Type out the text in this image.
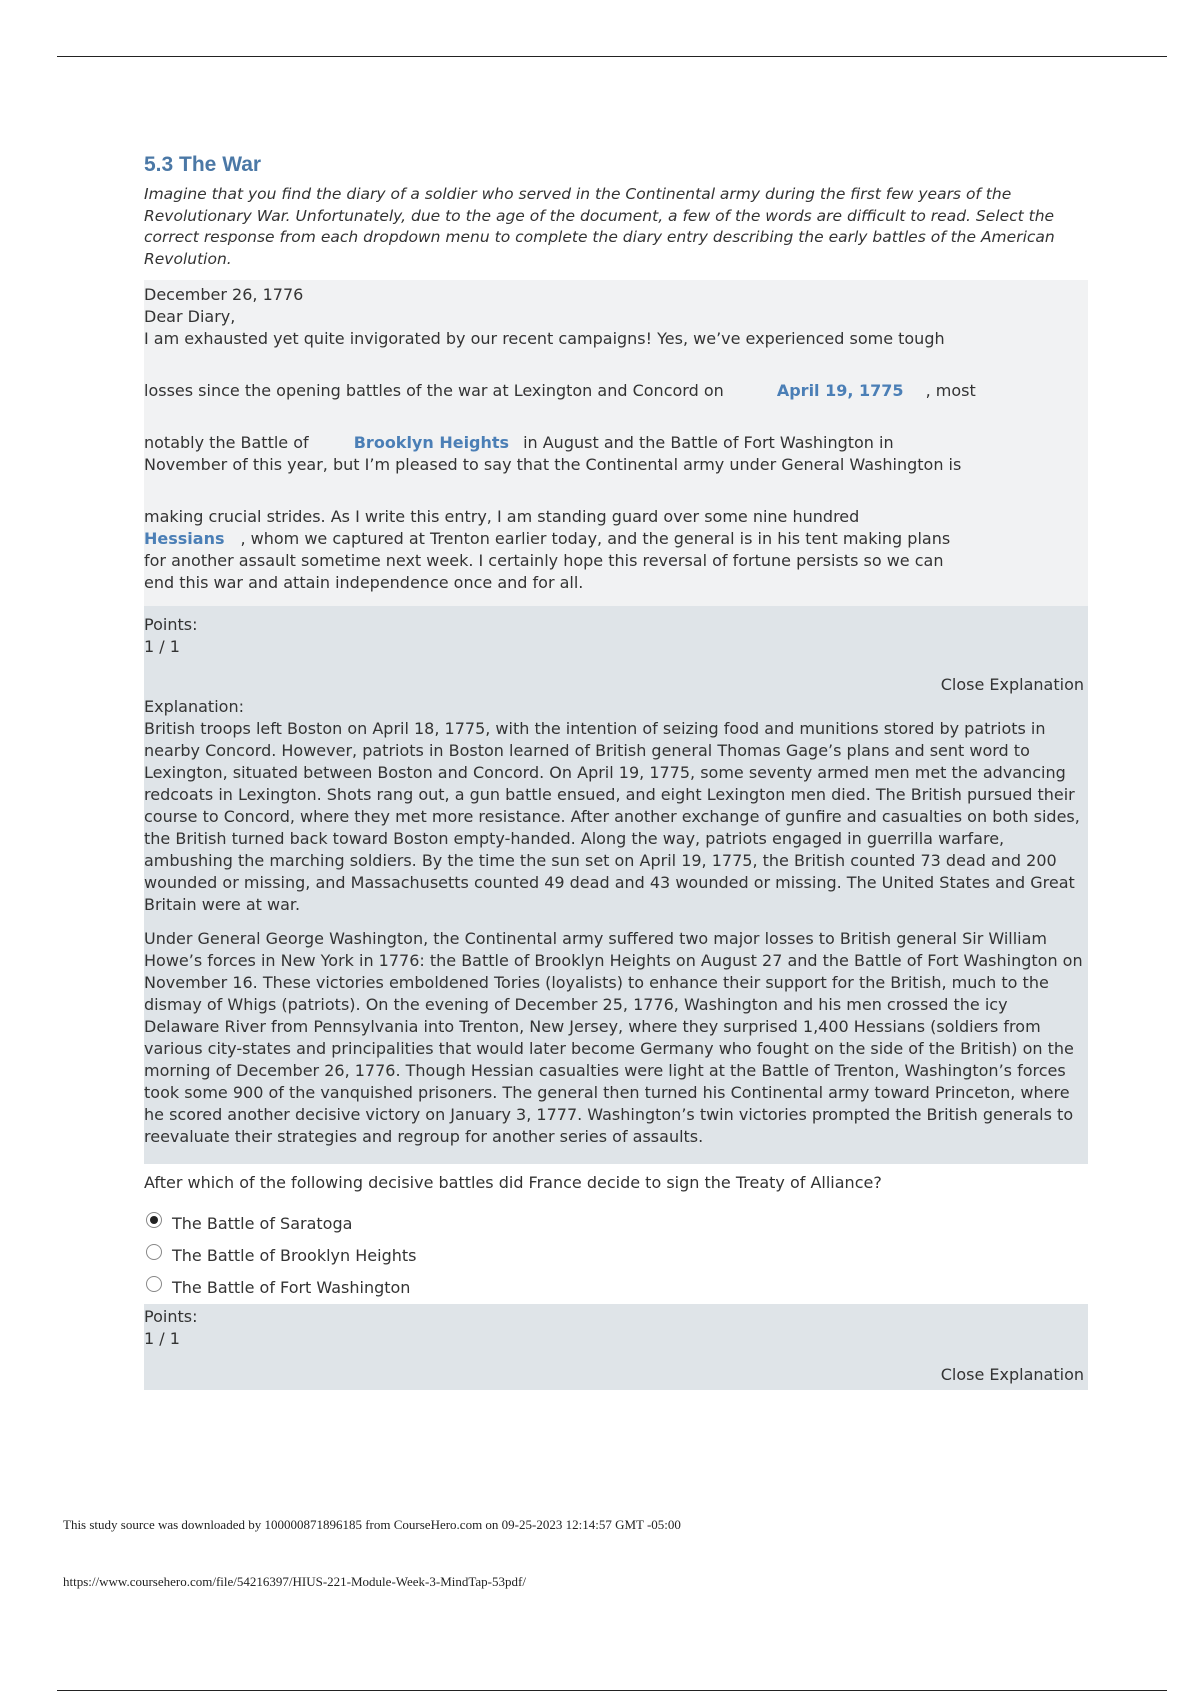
5.3 The War

Imagine that you find the diary of a soldier who served in the Continental army during the first few years of the Revolutionary War. Unfortunately, due to the age of the document, a few of the words are difficult to read. Select the correct response from each dropdown menu to complete the diary entry describing the early battles of the American Revolution.

December 26, 1776

Dear Diary,

I am exhausted yet quite invigorated by our recent campaigns! Yes, we’ve experienced some tough

losses since the opening battles of the war at Lexington and Concord on	April 19, 1775 , most

notably the Battle of	Brooklyn Heights in August and the Battle of Fort Washington in

November of this year, but I’m pleased to say that the Continental army under General Washington is

making crucial strides. As I write this entry, I am standing guard over some nine hundred

Hessians , whom we captured at Trenton earlier today, and the general is in his tent making plans

for another assault sometime next week. I certainly hope this reversal of fortune persists so we can

end this war and attain independence once and for all.

Points:
1 / 1
Close Explanation
Explanation:

British troops left Boston on April 18, 1775, with the intention of seizing food and munitions stored by patriots in nearby Concord. However, patriots in Boston learned of British general Thomas Gage’s plans and sent word to Lexington, situated between Boston and Concord. On April 19, 1775, some seventy armed men met the advancing redcoats in Lexington. Shots rang out, a gun battle ensued, and eight Lexington men died. The British pursued their course to Concord, where they met more resistance. After another exchange of gunfire and casualties on both sides, the British turned back toward Boston empty-handed. Along the way, patriots engaged in guerrilla warfare, ambushing the marching soldiers. By the time the sun set on April 19, 1775, the British counted 73 dead and 200 wounded or missing, and Massachusetts counted 49 dead and 43 wounded or missing. The United States and Great Britain were at war.

Under General George Washington, the Continental army suffered two major losses to British general Sir William Howe’s forces in New York in 1776: the Battle of Brooklyn Heights on August 27 and the Battle of Fort Washington on November 16. These victories emboldened Tories (loyalists) to enhance their support for the British, much to the dismay of Whigs (patriots). On the evening of December 25, 1776, Washington and his men crossed the icy Delaware River from Pennsylvania into Trenton, New Jersey, where they surprised 1,400 Hessians (soldiers from various city-states and principalities that would later become Germany who fought on the side of the British) on the morning of December 26, 1776. Though Hessian casualties were light at the Battle of Trenton, Washington’s forces took some 900 of the vanquished prisoners. The general then turned his Continental army toward Princeton, where he scored another decisive victory on January 3, 1777. Washington’s twin victories prompted the British generals to reevaluate their strategies and regroup for another series of assaults.

After which of the following decisive battles did France decide to sign the Treaty of Alliance?
The Battle of Saratoga
The Battle of Brooklyn Heights
The Battle of Fort Washington
Points:
1 / 1
Close Explanation
This study source was downloaded by 100000871896185 from CourseHero.com on 09-25-2023 12:14:57 GMT -05:00
https://www.coursehero.com/file/54216397/HIUS-221-Module-Week-3-MindTap-53pdf/
